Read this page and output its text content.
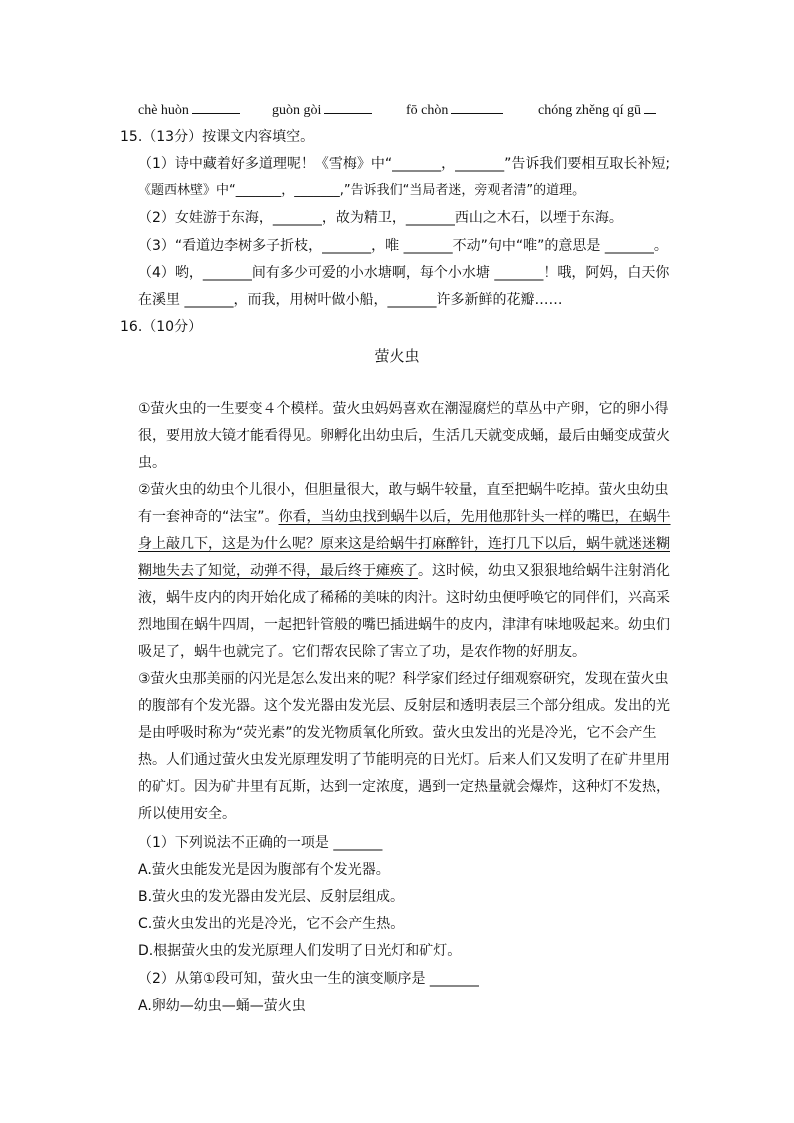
chè huòn	guòn gòi	fō chòn	chóng zhěng qí gū
15.（13分）按课文内容填空。
（1）诗中藏着好多道理呢！《雪梅》中“_______，_______”告诉我们要相互取长补短;
《题西林壁》中“_______，_______,”告诉我们“当局者迷，旁观者清”的道理。
（2）女娃游于东海，_______，故为精卫，_______西山之木石，以堙于东海。
（3）“看道边李树多子折枝，_______，唯 _______不动”句中“唯”的意思是 _______。
（4）哟，_______间有多少可爱的小水塘啊，每个小水塘 _______！哦，阿妈，白天你
在溪里 _______，而我，用树叶做小船，_______许多新鲜的花瓣……
16.（10分）
萤火虫
①萤火虫的一生要变４个模样。萤火虫妈妈喜欢在潮湿腐烂的草丛中产卵，它的卵小得
很，要用放大镜才能看得见。卵孵化出幼虫后，生活几天就变成蛹，最后由蛹变成萤火
虫。
②萤火虫的幼虫个儿很小，但胆量很大，敢与蜗牛较量，直至把蜗牛吃掉。萤火虫幼虫
有一套神奇的“法宝”。你看，当幼虫找到蜗牛以后，先用他那针头一样的嘴巴，在蜗牛
身上敲几下，这是为什么呢？原来这是给蜗牛打麻醉针，连打几下以后，蜗牛就迷迷糊
糊地失去了知觉，动弹不得，最后终于瘫痪了。这时候，幼虫又狠狠地给蜗牛注射消化
液，蜗牛皮内的肉开始化成了稀稀的美味的肉汁。这时幼虫便呼唤它的同伴们，兴高采
烈地围在蜗牛四周，一起把针管般的嘴巴插进蜗牛的皮内，津津有味地吸起来。幼虫们
吸足了，蜗牛也就完了。它们帮农民除了害立了功，是农作物的好朋友。
③萤火虫那美丽的闪光是怎么发出来的呢？科学家们经过仔细观察研究，发现在萤火虫
的腹部有个发光器。这个发光器由发光层、反射层和透明表层三个部分组成。发出的光
是由呼吸时称为“荧光素”的发光物质氧化所致。萤火虫发出的光是冷光，它不会产生
热。人们通过萤火虫发光原理发明了节能明亮的日光灯。后来人们又发明了在矿井里用
的矿灯。因为矿井里有瓦斯，达到一定浓度，遇到一定热量就会爆炸，这种灯不发热，
所以使用安全。
（1）下列说法不正确的一项是 _______
A.萤火虫能发光是因为腹部有个发光器。
B.萤火虫的发光器由发光层、反射层组成。
C.萤火虫发出的光是冷光，它不会产生热。
D.根据萤火虫的发光原理人们发明了日光灯和矿灯。
（2）从第①段可知，萤火虫一生的演变顺序是 _______
A.卵幼—幼虫—蛹—萤火虫
